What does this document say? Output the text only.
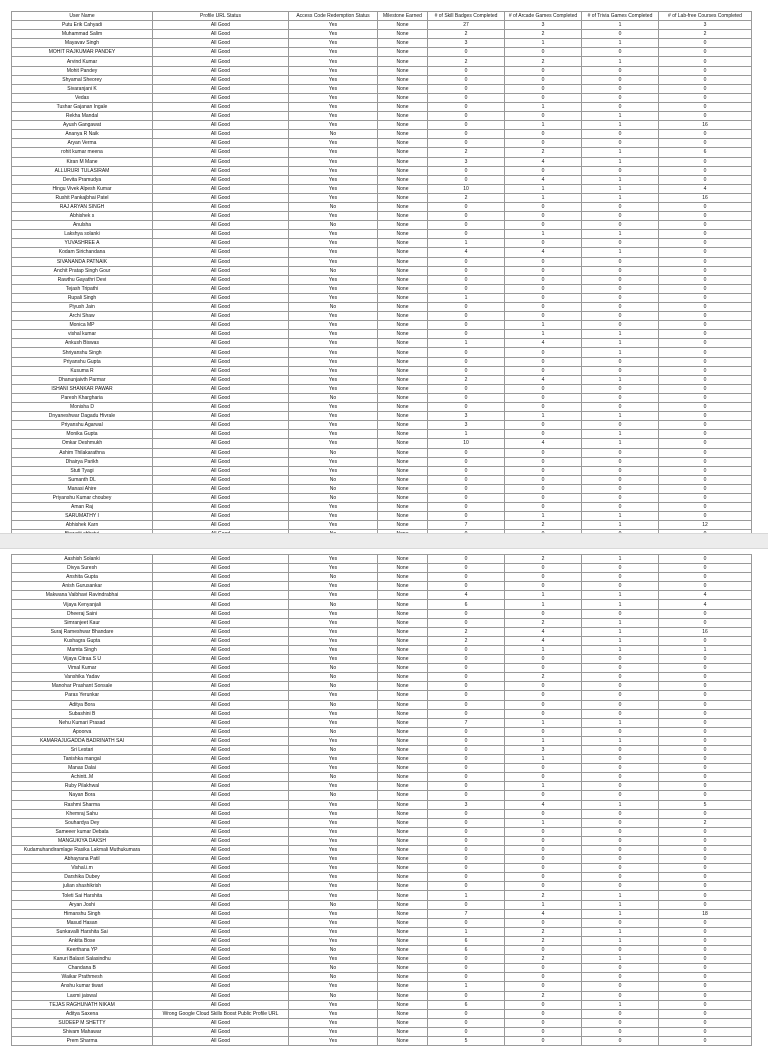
User Name	Profile URL Status	Access Code Redemption Status	Milestone Earned	# of Skill Badges Completed	# of Arcade Games Completed	# of Trivia Games Completed	# of Lab-free Courses Completed
Putu Erik Cahyadi	All Good	Yes	None	27	3	1	3
Muhammad Salim	All Good	Yes	None	2	2	0	2
Mayavav Singh	All Good	Yes	None	3	1	1	0
MOHIT RAJKUMAR PANDEY	All Good	Yes	None	0	0	0	0
Arvind Kumar	All Good	Yes	None	2	2	1	0
Mohit Pandey	All Good	Yes	None	0	0	0	0
Shyamal Sheorey	All Good	Yes	None	0	0	0	0
Sivaranjani K	All Good	Yes	None	0	0	0	0
Vedas	All Good	Yes	None	0	0	0	0
Tushar Gajanan Ingale	All Good	Yes	None	0	1	0	0
Rekha Mandal	All Good	Yes	None	0	0	1	0
Ayush Gangawat	All Good	Yes	None	0	1	1	16
Ananya R Naik	All Good	No	None	0	0	0	0
Aryan Verma	All Good	Yes	None	0	0	0	0
rohit kumar meena	All Good	Yes	None	2	2	1	6
Kiran M Mane	All Good	Yes	None	3	4	1	0
ALLURURI TULASIRAM	All Good	Yes	None	0	0	0	0
Devita Pramudya	All Good	Yes	None	0	4	1	0
Hingu Vivek Alpesh Kumar	All Good	Yes	None	10	1	1	4
Rushit Pankajbhai Patel	All Good	Yes	None	2	1	1	16
RAJ ARYAN SINGH	All Good	No	None	0	0	0	0
Abhishek s	All Good	Yes	None	0	0	0	0
Anulsha	All Good	No	None	0	0	0	0
Lakshya solanki	All Good	Yes	None	0	1	1	0
YUVASHREE A	All Good	Yes	None	1	0	0	0
Kodam Sirichandana	All Good	Yes	None	4	4	1	0
SIVANANDA PATNAIK	All Good	Yes	None	0	0	0	0
Anchit Pratap Singh Gour	All Good	No	None	0	0	0	0
Rawthu Gayathri Devi	All Good	Yes	None	0	0	0	0
Tejash Tripathi	All Good	Yes	None	0	0	0	0
Rupali Singh	All Good	Yes	None	1	0	0	0
Piyush Jain	All Good	No	None	0	0	0	0
Archi Shaw	All Good	Yes	None	0	0	0	0
Monica MP	All Good	Yes	None	0	1	0	0
vishal kumar	All Good	Yes	None	0	1	1	0
Ankush Biswas	All Good	Yes	None	1	4	1	0
Shriyanshu Singh	All Good	Yes	None	0	0	1	0
Priyanshu Gupta	All Good	Yes	None	0	0	0	0
Kusuma R	All Good	Yes	None	0	0	0	0
Dhanunjaivth Parmar	All Good	Yes	None	2	4	1	0
ISHANI SHANKAR PAWAR	All Good	Yes	None	0	0	0	0
Paresh Khargharia	All Good	No	None	0	0	0	0
Monisha D	All Good	Yes	None	0	0	0	0
Dnyaneshwar Dagadu Hivrale	All Good	Yes	None	3	1	1	0
Priyanshu Agarwal	All Good	Yes	None	3	0	0	0
Monika Gupta	All Good	Yes	None	1	0	1	0
Omkar Deshmukh	All Good	Yes	None	10	4	1	0
Ashim Thilakarathna	All Good	No	None	0	0	0	0
Dhairya Parikh	All Good	Yes	None	0	0	0	0
Stuti Tyagi	All Good	Yes	None	0	0	0	0
Sumanth DL	All Good	No	None	0	0	0	0
Manasi Ahire	All Good	No	None	0	0	0	0
Priyanshu Kumar choubey	All Good	No	None	0	0	0	0
Aman Raj	All Good	Yes	None	0	0	0	0
SARUMATHY I	All Good	Yes	None	0	1	1	0
Abhishek Karn	All Good	Yes	None	7	2	1	12

Aashish Solanki	All Good	Yes	None	0	2	1	0
Divya Suresh	All Good	Yes	None	0	0	0	0
Anshita Gupta	All Good	No	None	0	0	0	0
Anish Gurusankar	All Good	Yes	None	0	0	0	0
Makwana Vaibhavi Ravindrabhai	All Good	Yes	None	4	1	1	4
Vijaya Kenyanjali	All Good	No	None	6	1	1	4
Dheeraj Saini	All Good	Yes	None	0	0	0	0
Simranjeet Kaur	All Good	Yes	None	0	2	1	0
Suraj Rameshwar Bhandare	All Good	Yes	None	2	4	1	16
Kushagra Gupta	All Good	Yes	None	2	4	1	0
Mamta Singh	All Good	Yes	None	0	1	1	1
Vijaya Citraa S U	All Good	Yes	None	0	0	0	0
Vimal Kumar	All Good	No	None	0	0	0	0
Vanshika Yadav	All Good	No	None	0	2	0	0
Manohar Prashant Sonsale	All Good	No	None	0	0	0	0
Paras Yerunkar	All Good	Yes	None	0	0	0	0
Aditya Bora	All Good	No	None	0	0	0	0
Subashini B	All Good	Yes	None	0	0	0	0
Nehu Kumari Prasad	All Good	Yes	None	7	1	1	0
Apoorva	All Good	No	None	0	0	0	0
KAMARAJUGADDA BADRINATH SAI	All Good	Yes	None	0	1	1	0
Sri Lestari	All Good	No	None	0	3	0	0
Tanishka mangal	All Good	Yes	None	0	1	0	0
Manas Dalai	All Good	Yes	None	0	0	0	0
Achintt..M	All Good	No	None	0	0	0	0
Ruby Pilakhwal	All Good	Yes	None	0	1	0	0
Nayan Bora	All Good	No	None	0	0	0	0
Rashmi Sharma	All Good	Yes	None	3	4	1	5
Khemraj Sahu	All Good	Yes	None	0	0	0	0
Souhardya Dey	All Good	Yes	None	0	1	0	2
Sameeer kumar Debata	All Good	Yes	None	0	0	0	0
MANGUKIYA DAKSH	All Good	Yes	None	0	0	0	0
Kudamuhandiramlage Rasika Lakmali Muthukumara	All Good	Yes	None	0	0	0	0
Abhayrana Patil	All Good	Yes	None	0	0	0	0
Vishal.i.m	All Good	Yes	None	0	0	0	0
Darshika Dubey	All Good	Yes	None	0	0	0	0
julian shashikrish	All Good	Yes	None	0	0	0	0
Toleti Sai Harshita	All Good	Yes	None	1	2	1	0
Aryan Joshi	All Good	No	None	0	1	1	0
Himanshu Singh	All Good	Yes	None	7	4	1	18
Masud Hasan	All Good	Yes	None	0	0	0	0
Sunkavalli Harshita Sai	All Good	Yes	None	1	2	1	0
Ankita Bose	All Good	Yes	None	6	2	1	0
Keerthana YP	All Good	No	None	6	0	0	0
Kanuri Balasri Salasindhu	All Good	Yes	None	0	2	1	0
Chandana B	All Good	No	None	0	0	0	0
Waikar Prathmesh	All Good	No	None	0	0	0	0
Anshu kumar tiwari	All Good	Yes	None	1	0	0	0
Laxmi jaiswal	All Good	No	None	0	2	0	0
TEJAS RAGHUNATH NIKAM	All Good	Yes	None	6	0	1	0
Aditya Saxena	Wrong Google Cloud Skills Boost Public Profile URL	Yes	None	0	0	0	0
SUDEEP M SHETTY	All Good	Yes	None	0	0	0	0
Shivam Mahawar	All Good	Yes	None	0	0	0	0
Prem Sharma	All Good	Yes	None	5	0	0	0
